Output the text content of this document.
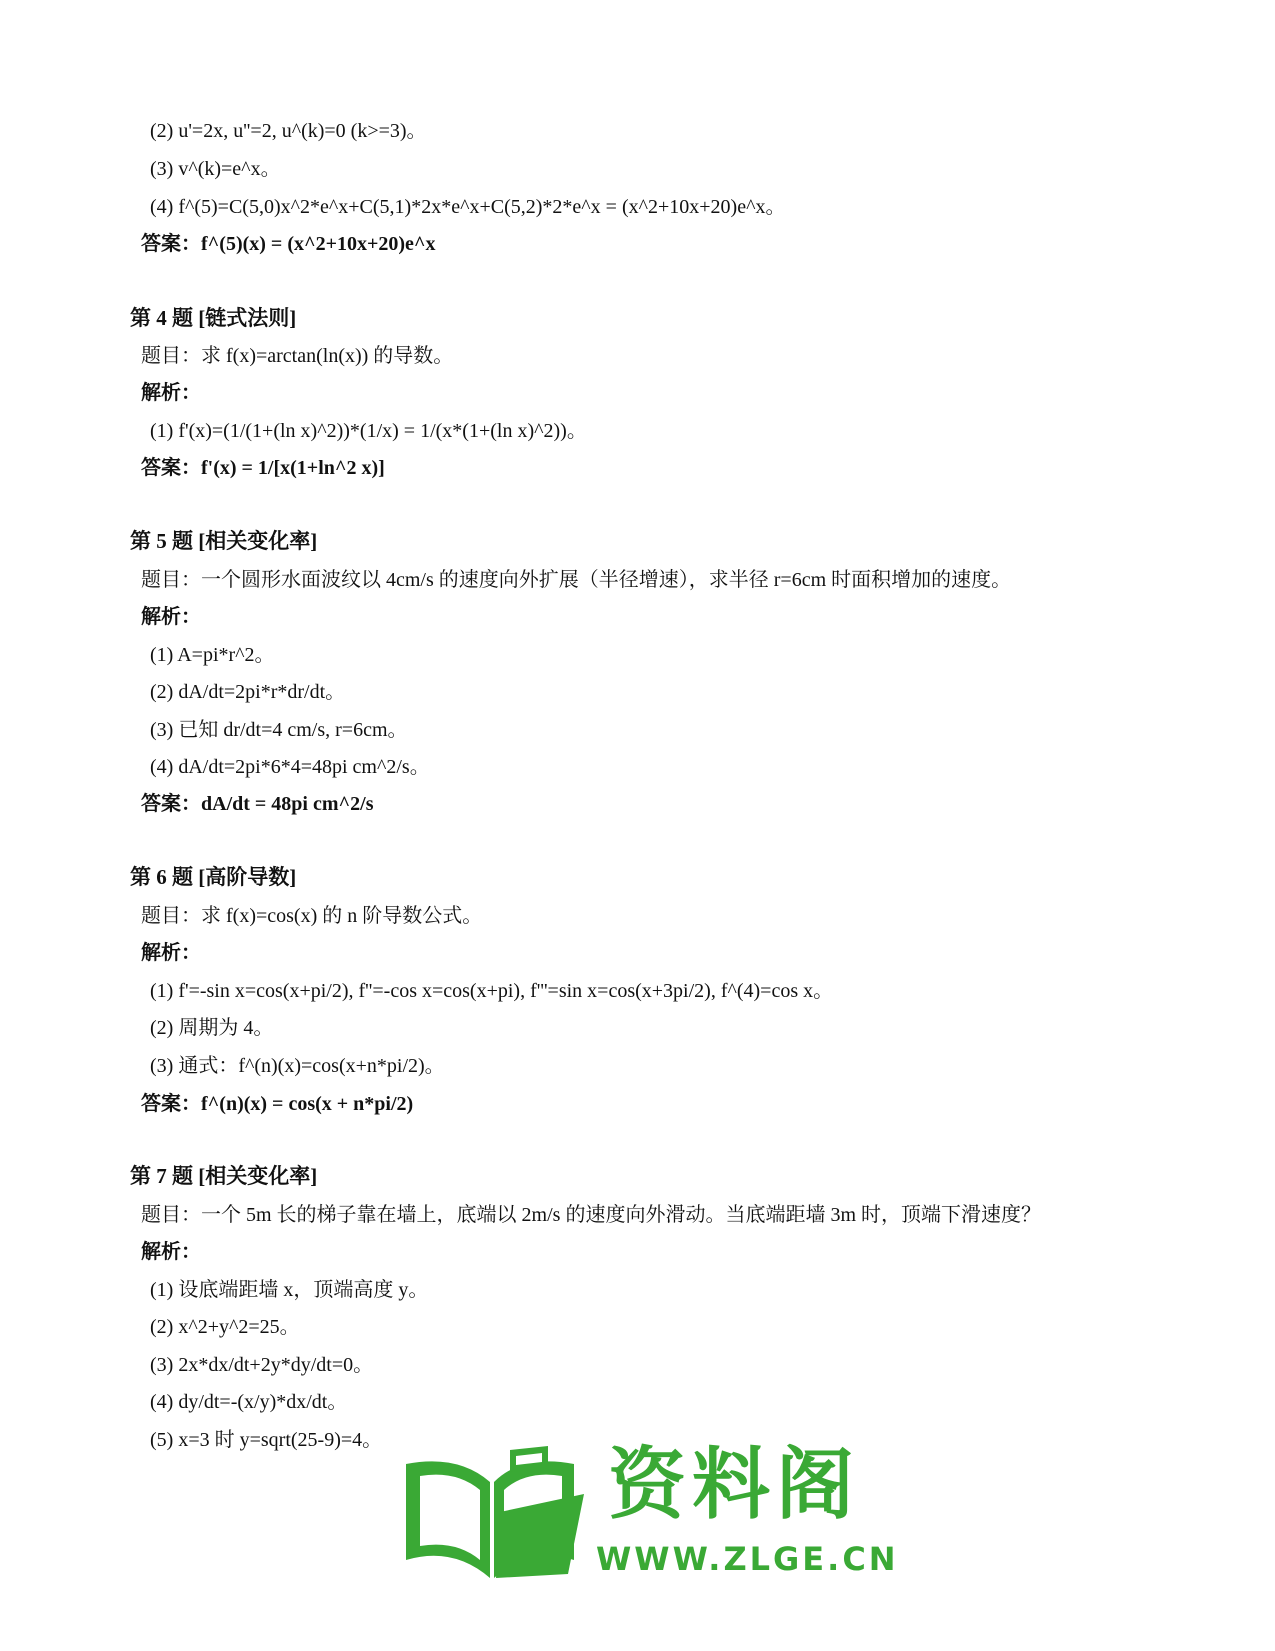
(2) u'=2x, u''=2, u^(k)=0 (k>=3)。
(3) v^(k)=e^x。
(4) f^(5)=C(5,0)x^2*e^x+C(5,1)*2x*e^x+C(5,2)*2*e^x = (x^2+10x+20)e^x。
答案：f^(5)(x) = (x^2+10x+20)e^x
第 4 题 [链式法则]
题目：求 f(x)=arctan(ln(x)) 的导数。
解析：
(1) f'(x)=(1/(1+(ln x)^2))*(1/x) = 1/(x*(1+(ln x)^2))。
答案：f'(x) = 1/[x(1+ln^2 x)]
第 5 题 [相关变化率]
题目：一个圆形水面波纹以 4cm/s 的速度向外扩展（半径增速），求半径 r=6cm 时面积增加的速度。
解析：
(1) A=pi*r^2。
(2) dA/dt=2pi*r*dr/dt。
(3) 已知 dr/dt=4 cm/s, r=6cm。
(4) dA/dt=2pi*6*4=48pi cm^2/s。
答案：dA/dt = 48pi cm^2/s
第 6 题 [高阶导数]
题目：求 f(x)=cos(x) 的 n 阶导数公式。
解析：
(1) f'=-sin x=cos(x+pi/2), f''=-cos x=cos(x+pi), f'''=sin x=cos(x+3pi/2), f^(4)=cos x。
(2) 周期为 4。
(3) 通式：f^(n)(x)=cos(x+n*pi/2)。
答案：f^(n)(x) = cos(x + n*pi/2)
第 7 题 [相关变化率]
题目：一个 5m 长的梯子靠在墙上，底端以 2m/s 的速度向外滑动。当底端距墙 3m 时，顶端下滑速度？
解析：
(1) 设底端距墙 x，顶端高度 y。
(2) x^2+y^2=25。
(3) 2x*dx/dt+2y*dy/dt=0。
(4) dy/dt=-(x/y)*dx/dt。
(5) x=3 时 y=sqrt(25-9)=4。	资料阁
WWW.ZLGE.CN
